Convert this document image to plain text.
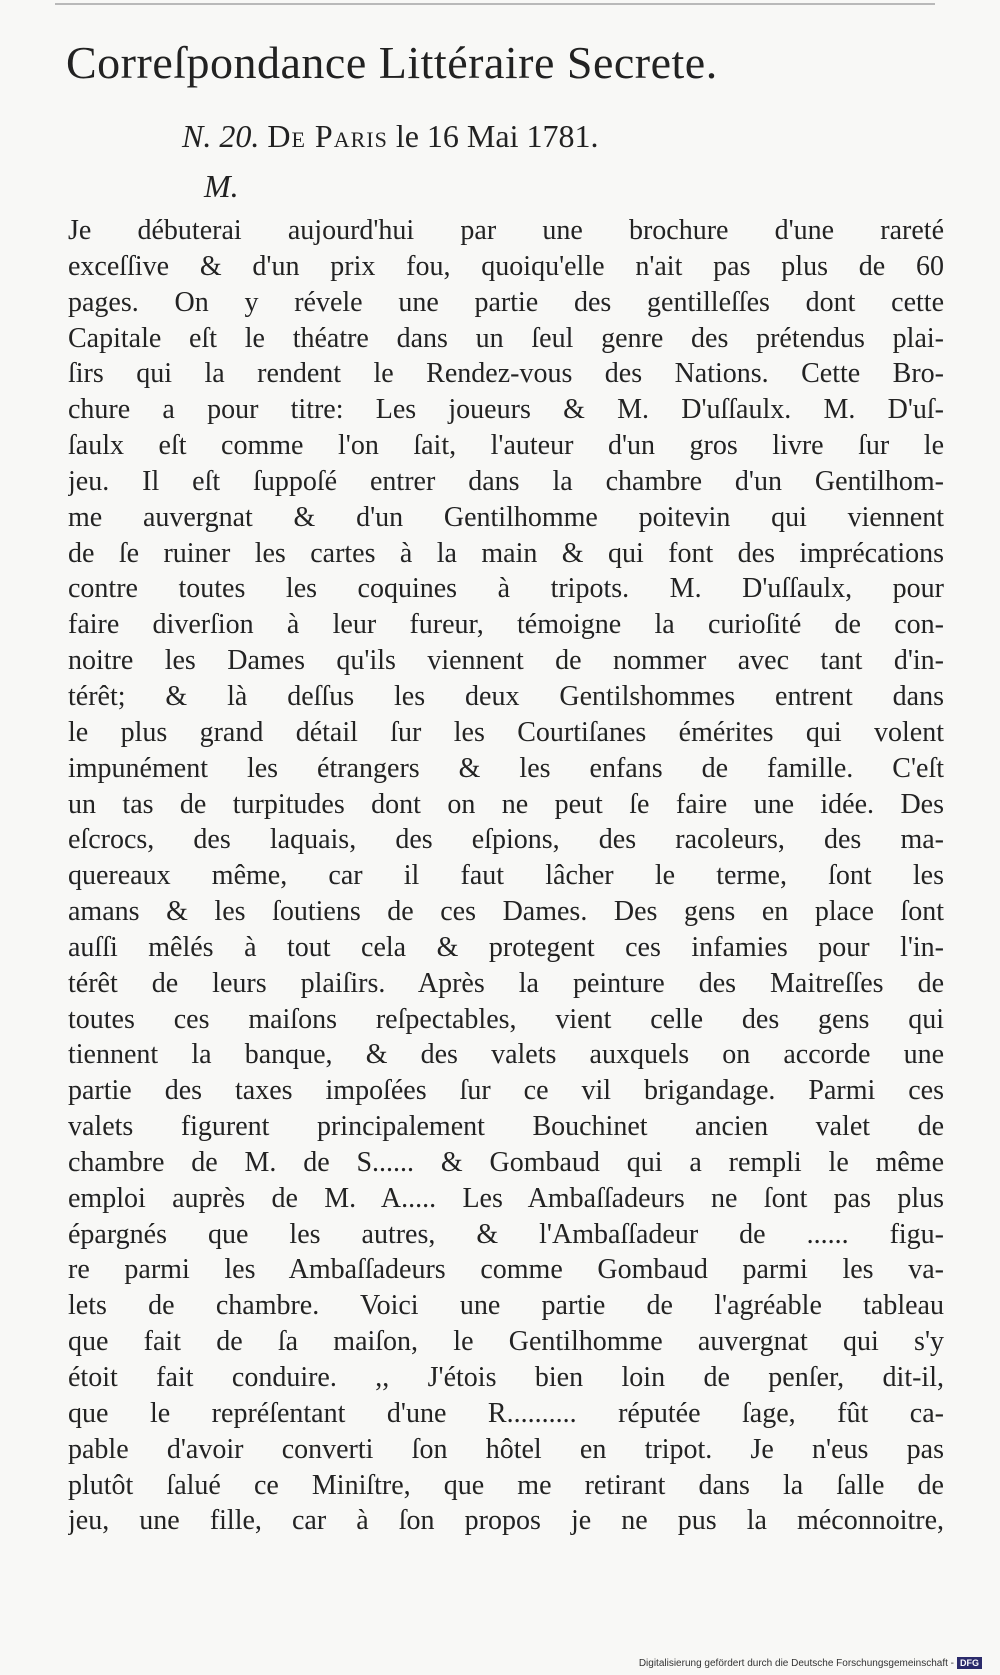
Correſpondance Littéraire Secrete.
N. 20. De Paris le 16 Mai 1781.
M.
Je débuterai aujourd'hui par une brochure d'une rareté
exceſſive & d'un prix fou, quoiqu'elle n'ait pas plus de 60
pages. On y révele une partie des gentilleſſes dont cette
Capitale eſt le théatre dans un ſeul genre des prétendus plai-
ſirs qui la rendent le Rendez-vous des Nations. Cette Bro-
chure a pour titre: Les joueurs & M. D'uſſaulx. M. D'uſ-
ſaulx eſt comme l'on ſait, l'auteur d'un gros livre ſur le
jeu. Il eſt ſuppoſé entrer dans la chambre d'un Gentilhom-
me auvergnat & d'un Gentilhomme poitevin qui viennent
de ſe ruiner les cartes à la main & qui font des imprécations
contre toutes les coquines à tripots. M. D'uſſaulx, pour
faire diverſion à leur fureur, témoigne la curioſité de con-
noitre les Dames qu'ils viennent de nommer avec tant d'in-
térêt; & là deſſus les deux Gentilshommes entrent dans
le plus grand détail ſur les Courtiſanes émérites qui volent
impunément les étrangers & les enfans de famille. C'eſt
un tas de turpitudes dont on ne peut ſe faire une idée. Des
eſcrocs, des laquais, des eſpions, des racoleurs, des ma-
quereaux même, car il faut lâcher le terme, ſont les
amans & les ſoutiens de ces Dames. Des gens en place ſont
auſſi mêlés à tout cela & protegent ces infamies pour l'in-
térêt de leurs plaiſirs. Après la peinture des Maitreſſes de
toutes ces maiſons reſpectables, vient celle des gens qui
tiennent la banque, & des valets auxquels on accorde une
partie des taxes impoſées ſur ce vil brigandage. Parmi ces
valets figurent principalement Bouchinet ancien valet de
chambre de M. de S...... & Gombaud qui a rempli le même
emploi auprès de M. A..... Les Ambaſſadeurs ne ſont pas plus
épargnés que les autres, & l'Ambaſſadeur de ...... figu-
re parmi les Ambaſſadeurs comme Gombaud parmi les va-
lets de chambre. Voici une partie de l'agréable tableau
que fait de ſa maiſon, le Gentilhomme auvergnat qui s'y
étoit fait conduire. ,, J'étois bien loin de penſer, dit-il,
que le repréſentant d'une R.......... réputée ſage, fût ca-
pable d'avoir converti ſon hôtel en tripot. Je n'eus pas
plutôt ſalué ce Miniſtre, que me retirant dans la ſalle de
jeu, une fille, car à ſon propos je ne pus la méconnoitre,
Digitalisierung gefördert durch die Deutsche Forschungsgemeinschaft - DFG
